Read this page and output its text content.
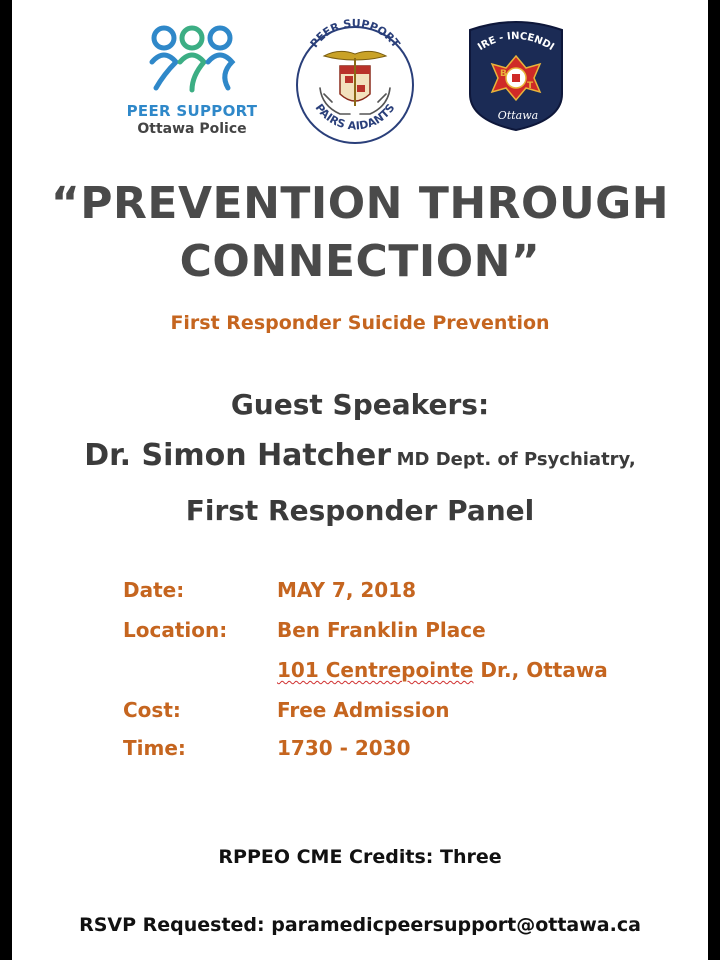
PEER SUPPORT
Ottawa Police
PEER SUPPORT
PAIRS AIDANTS
IRE - INCENDI
B
T
Ottawa
“PREVENTION THROUGH
CONNECTION”
First Responder Suicide Prevention
Guest Speakers:
Dr. Simon Hatcher MD Dept. of Psychiatry,
First Responder Panel
Date:	MAY 7, 2018
Location: Ben Franklin Place
101 Centrepointe Dr., Ottawa
Cost:	Free Admission
Time:	1730 - 2030
RPPEO CME Credits: Three
RSVP Requested: paramedicpeersupport@ottawa.ca
